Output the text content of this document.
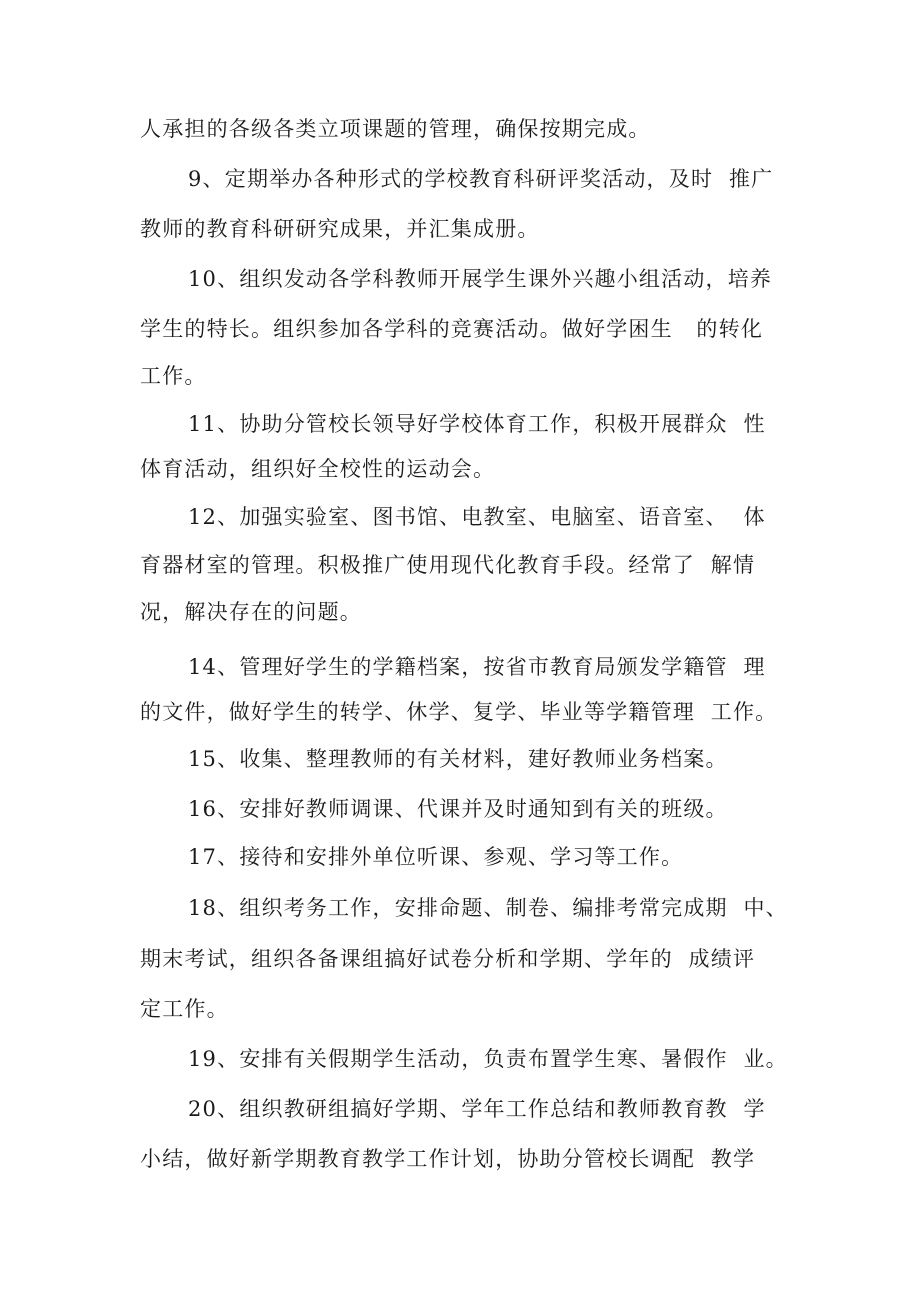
人承担的各级各类立项课题的管理，确保按期完成。
9、定期举办各种形式的学校教育科研评奖活动，及时  推广
教师的教育科研研究成果，并汇集成册。
10、组织发动各学科教师开展学生课外兴趣小组活动，培养
学生的特长。组织参加各学科的竞赛活动。做好学困生   的转化
工作。
11、协助分管校长领导好学校体育工作，积极开展群众  性
体育活动，组织好全校性的运动会。
12、加强实验室、图书馆、电教室、电脑室、语音室、  体
育器材室的管理。积极推广使用现代化教育手段。经常了  解情
况，解决存在的问题。
14、管理好学生的学籍档案，按省市教育局颁发学籍管  理
的文件，做好学生的转学、休学、复学、毕业等学籍管理  工作。
15、收集、整理教师的有关材料，建好教师业务档案。
16、安排好教师调课、代课并及时通知到有关的班级。
17、接待和安排外单位听课、参观、学习等工作。
18、组织考务工作，安排命题、制卷、编排考常完成期  中、
期末考试，组织各备课组搞好试卷分析和学期、学年的  成绩评
定工作。
19、安排有关假期学生活动，负责布置学生寒、暑假作  业。
20、组织教研组搞好学期、学年工作总结和教师教育教  学
小结，做好新学期教育教学工作计划，协助分管校长调配  教学
